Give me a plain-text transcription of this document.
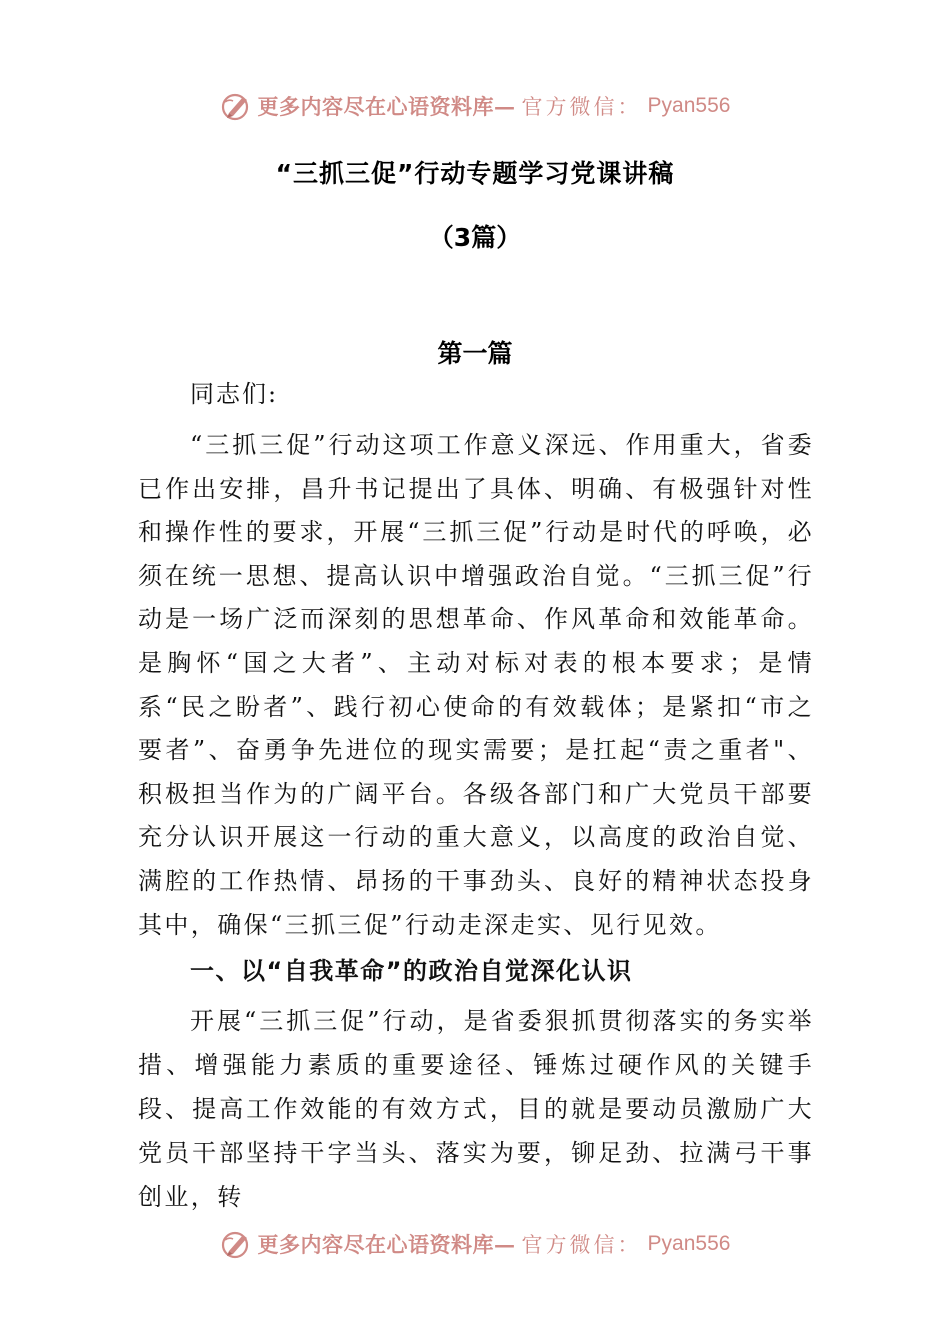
更多内容尽在心语资料库— 官方微信： Pyan556
“三抓三促”行动专题学习党课讲稿
（3篇）
第一篇

同志们:

“三抓三促”行动这项工作意义深远、作用重大，省委已作出安排，昌升书记提出了具体、明确、有极强针对性和操作性的要求，开展“三抓三促”行动是时代的呼唤，必须在统一思想、提高认识中增强政治自觉。“三抓三促”行动是一场广泛而深刻的思想革命、作风革命和效能革命。是胸怀“国之大者”、主动对标对表的根本要求；是情系“民之盼者”、践行初心使命的有效载体；是紧扣“市之要者”、奋勇争先进位的现实需要；是扛起“责之重者"、积极担当作为的广阔平台。各级各部门和广大党员干部要充分认识开展这一行动的重大意义，以高度的政治自觉、满腔的工作热情、昂扬的干事劲头、良好的精神状态投身其中，确保“三抓三促”行动走深走实、见行见效。

一、以“自我革命”的政治自觉深化认识

开展“三抓三促”行动，是省委狠抓贯彻落实的务实举措、增强能力素质的重要途径、锤炼过硬作风的关键手段、提高工作效能的有效方式，目的就是要动员激励广大党员干部坚持干字当头、落实为要，铆足劲、拉满弓干事创业，转

更多内容尽在心语资料库— 官方微信： Pyan556
